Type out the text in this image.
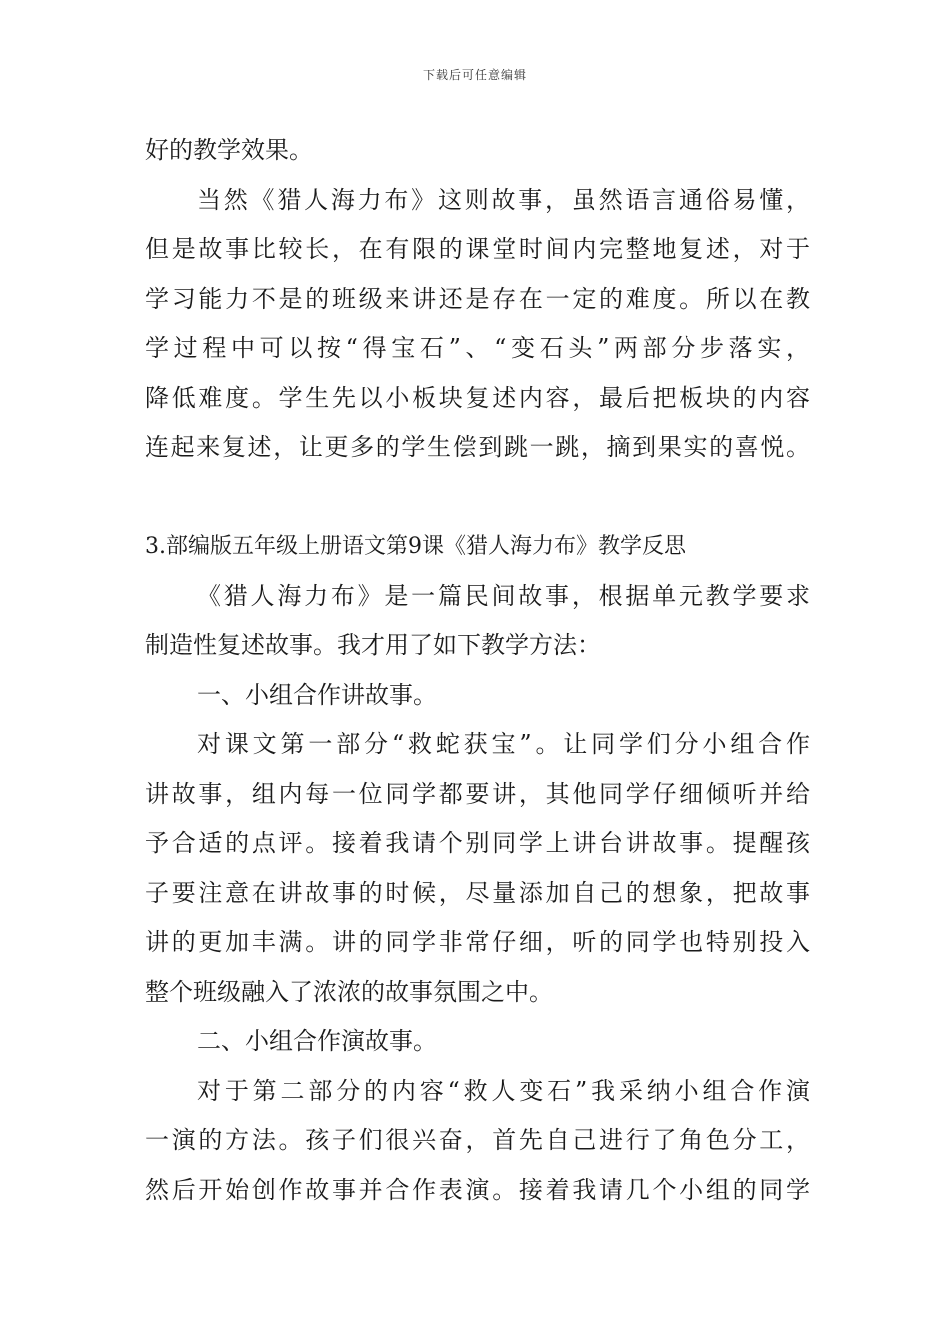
下载后可任意编辑
好的教学效果。
当然《猎人海力布》这则故事，虽然语言通俗易懂，
但是故事比较长，在有限的课堂时间内完整地复述，对于
学习能力不是的班级来讲还是存在一定的难度。所以在教
学过程中可以按“得宝石”、“变石头”两部分步落实，
降低难度。学生先以小板块复述内容，最后把板块的内容
连起来复述，让更多的学生偿到跳一跳，摘到果实的喜悦。
3.部编版五年级上册语文第9课《猎人海力布》教学反思
《猎人海力布》是一篇民间故事，根据单元教学要求
制造性复述故事。我才用了如下教学方法：
一、小组合作讲故事。
对课文第一部分“救蛇获宝”。让同学们分小组合作
讲故事，组内每一位同学都要讲，其他同学仔细倾听并给
予合适的点评。接着我请个别同学上讲台讲故事。提醒孩
子要注意在讲故事的时候，尽量添加自己的想象，把故事
讲的更加丰满。讲的同学非常仔细，听的同学也特别投入
整个班级融入了浓浓的故事氛围之中。
二、小组合作演故事。
对于第二部分的内容“救人变石”我采纳小组合作演
一演的方法。孩子们很兴奋，首先自己进行了角色分工，
然后开始创作故事并合作表演。接着我请几个小组的同学
